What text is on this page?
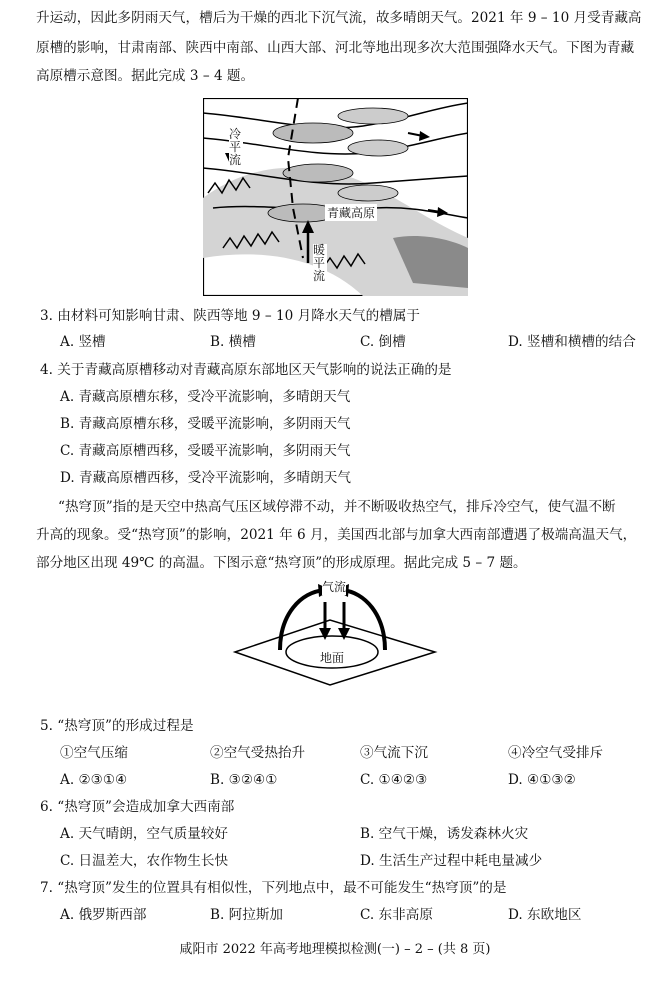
升运动，因此多阴雨天气，槽后为干燥的西北下沉气流，故多晴朗天气。2021 年 9 – 10 月受青藏高
原槽的影响，甘肃南部、陕西中南部、山西大部、河北等地出现多次大范围强降水天气。下图为青藏
高原槽示意图。据此完成 3 – 4 题。
冷平流
青藏高原
暖平流
3. 由材料可知影响甘肃、陕西等地 9 – 10 月降水天气的槽属于
A. 竖槽	B. 横槽	C. 倒槽	D. 竖槽和横槽的结合
4. 关于青藏高原槽移动对青藏高原东部地区天气影响的说法正确的是
A. 青藏高原槽东移，受冷平流影响，多晴朗天气
B. 青藏高原槽东移，受暖平流影响，多阴雨天气
C. 青藏高原槽西移，受暖平流影响，多阴雨天气
D. 青藏高原槽西移，受冷平流影响，多晴朗天气
“热穹顶”指的是天空中热高气压区域停滞不动，并不断吸收热空气，排斥冷空气，使气温不断
升高的现象。受“热穹顶”的影响，2021 年 6 月，美国西北部与加拿大西南部遭遇了极端高温天气，
部分地区出现 49℃ 的高温。下图示意“热穹顶”的形成原理。据此完成 5 – 7 题。
气流
地面
5. “热穹顶”的形成过程是
①空气压缩	②空气受热抬升	③气流下沉	④冷空气受排斥
A. ②③①④	B. ③②④①	C. ①④②③	D. ④①③②
6. “热穹顶”会造成加拿大西南部
A. 天气晴朗，空气质量较好	B. 空气干燥，诱发森林火灾
C. 日温差大，农作物生长快	D. 生活生产过程中耗电量减少
7. “热穹顶”发生的位置具有相似性，下列地点中，最不可能发生“热穹顶”的是
A. 俄罗斯西部	B. 阿拉斯加	C. 东非高原	D. 东欧地区
咸阳市 2022 年高考地理模拟检测(一) – 2 – (共 8 页)
